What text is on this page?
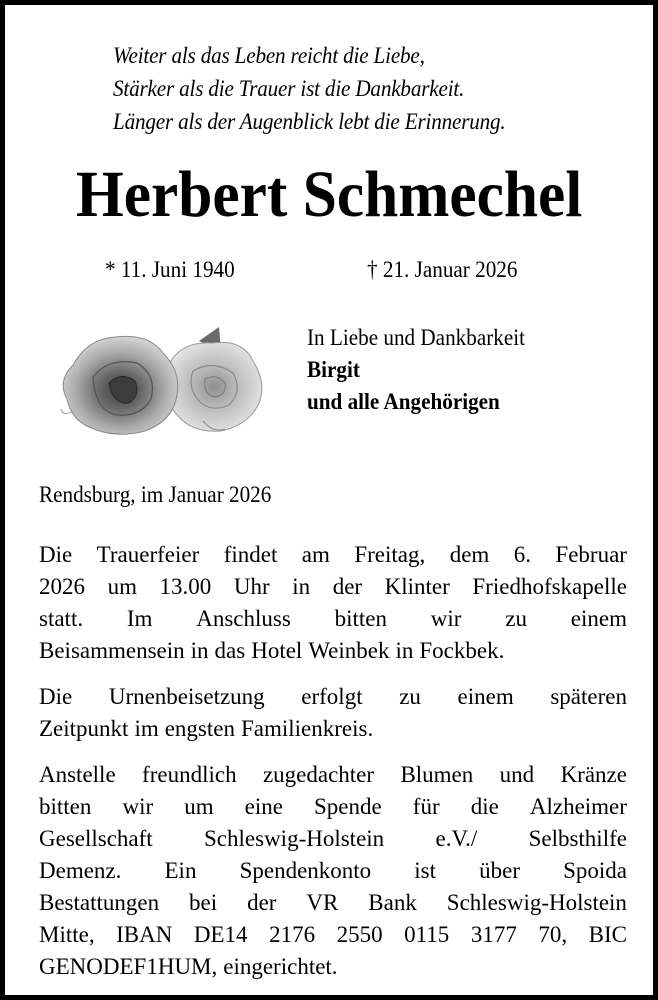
Weiter als das Leben reicht die Liebe,
Stärker als die Trauer ist die Dankbarkeit.
Länger als der Augenblick lebt die Erinnerung.
Herbert Schmechel
* 11. Juni 1940	† 21. Januar 2026
In Liebe und Dankbarkeit
Birgit
und alle Angehörigen
Rendsburg, im Januar 2026
Die Trauerfeier findet am Freitag, dem 6. Februar
2026 um 13.00 Uhr in der Klinter Friedhofskapelle
statt. Im Anschluss bitten wir zu einem
Beisammensein in das Hotel Weinbek in Fockbek.
Die Urnenbeisetzung erfolgt zu einem späteren
Zeitpunkt im engsten Familienkreis.
Anstelle freundlich zugedachter Blumen und Kränze
bitten wir um eine Spende für die Alzheimer
Gesellschaft Schleswig-Holstein e.V./ Selbsthilfe
Demenz. Ein Spendenkonto ist über Spoida
Bestattungen bei der VR Bank Schleswig-Holstein
Mitte, IBAN DE14 2176 2550 0115 3177 70, BIC
GENODEF1HUM, eingerichtet.
